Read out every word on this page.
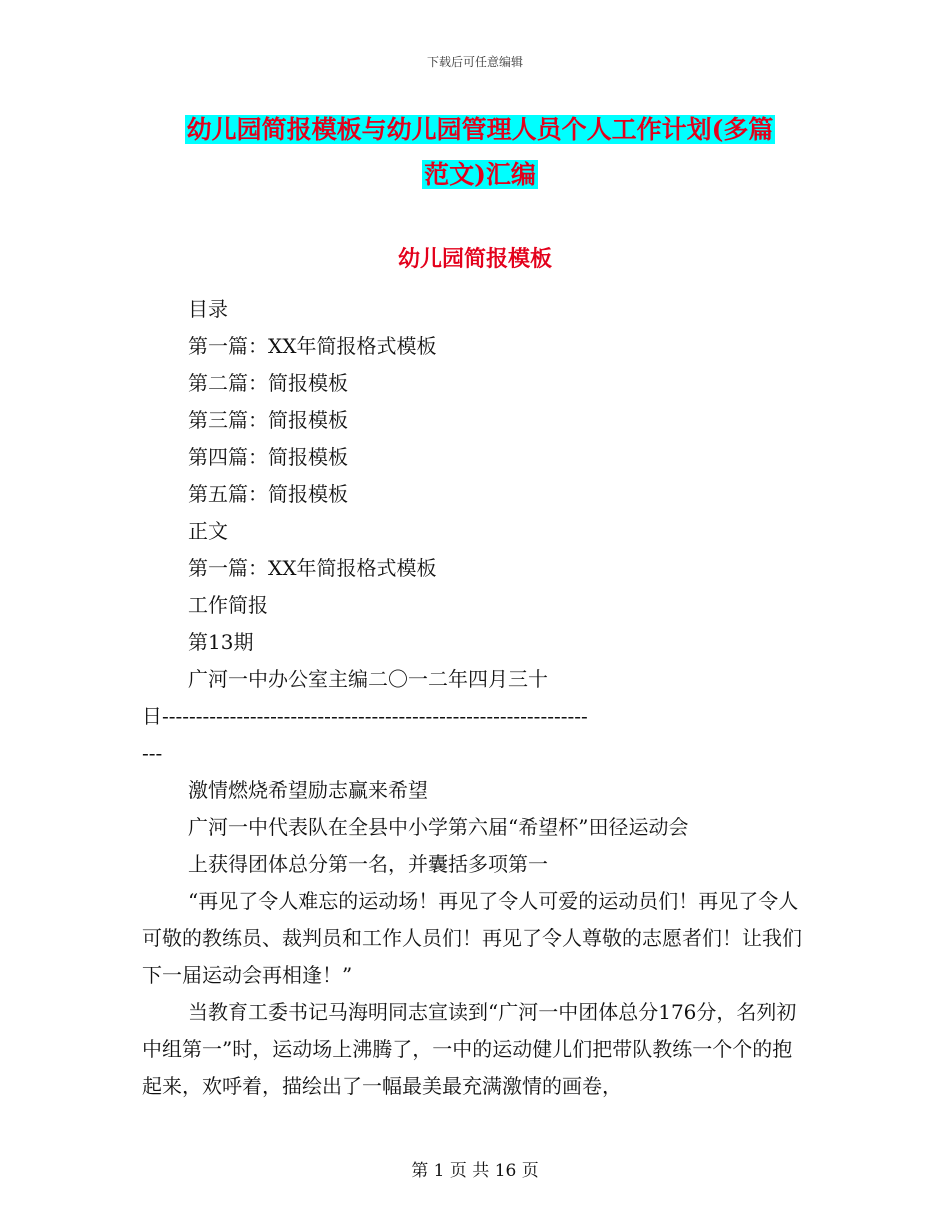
下载后可任意编辑
幼儿园简报模板与幼儿园管理人员个人工作计划(多篇
范文)汇编
幼儿园简报模板

目录

第一篇：XX年简报格式模板

第二篇：简报模板

第三篇：简报模板

第四篇：简报模板

第五篇：简报模板

正文

第一篇：XX年简报格式模板

工作简报

第13期

广河一中办公室主编二〇一二年四月三十

日---------------------------------------------------------------

---

激情燃烧希望励志赢来希望

广河一中代表队在全县中小学第六届“希望杯”田径运动会

上获得团体总分第一名，并囊括多项第一

“再见了令人难忘的运动场！再见了令人可爱的运动员们！再见了令人可敬的教练员、裁判员和工作人员们！再见了令人尊敬的志愿者们！让我们下一届运动会再相逢！”

当教育工委书记马海明同志宣读到“广河一中团体总分176分，名列初中组第一”时，运动场上沸腾了，一中的运动健儿们把带队教练一个个的抱起来，欢呼着，描绘出了一幅最美最充满激情的画卷，

第 1 页 共 16 页
